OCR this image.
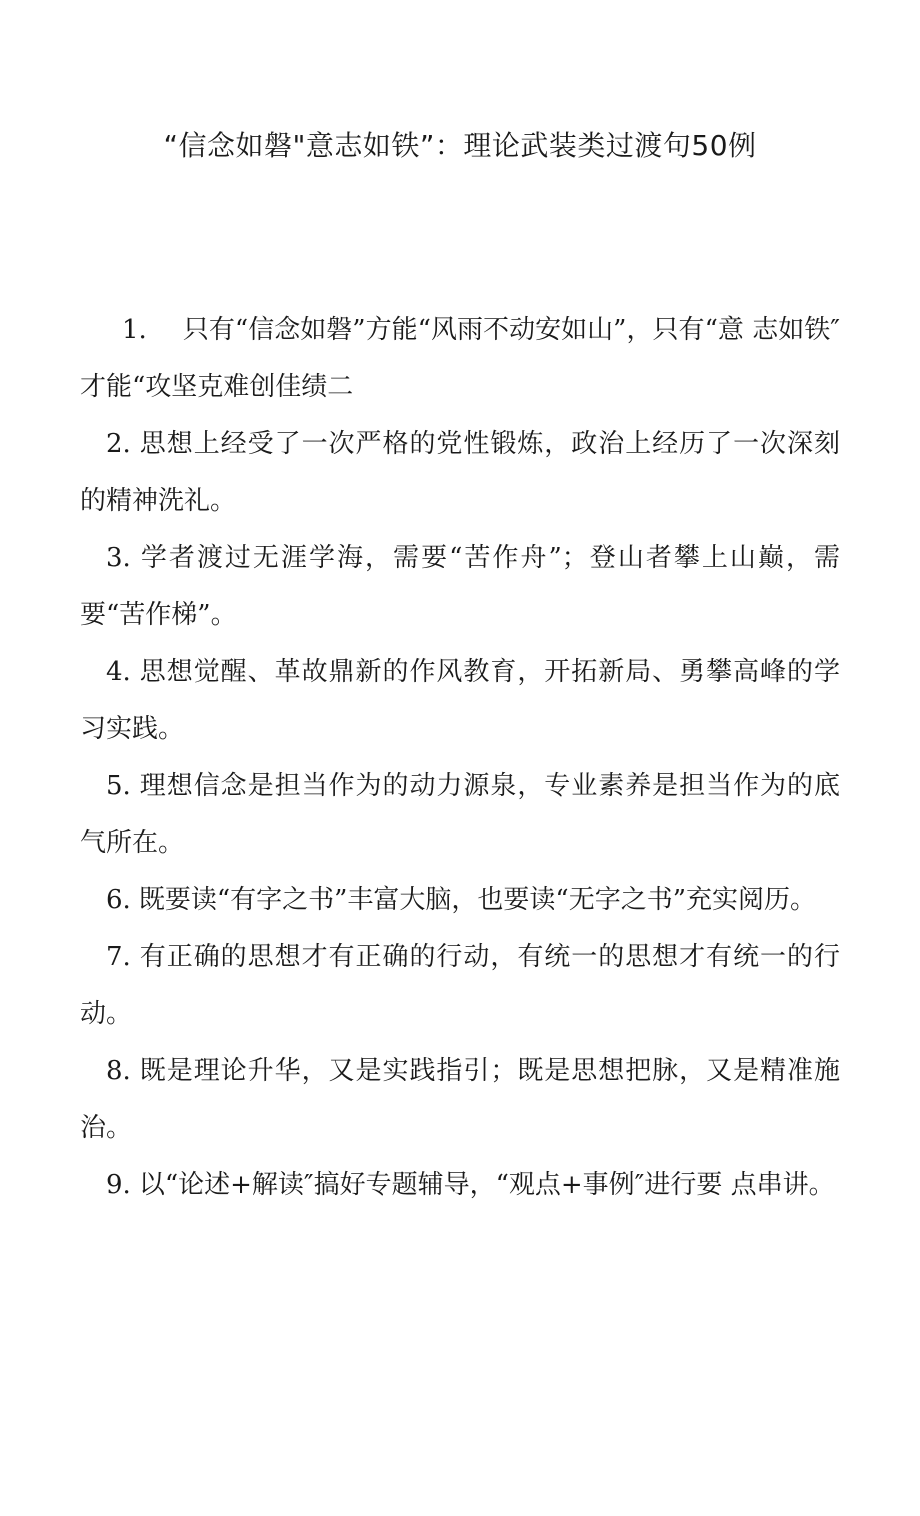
“信念如磐"意志如铁”：理论武装类过渡句50例

1. 只有“信念如磐”方能“风雨不动安如山”，只有“意 志如铁″才能“攻坚克难创佳绩二

2. 思想上经受了一次严格的党性锻炼，政治上经历了一次深刻的精神洗礼。

3. 学者渡过无涯学海，需要“苦作舟”；登山者攀上山巅，需要“苦作梯”。

4. 思想觉醒、革故鼎新的作风教育，开拓新局、勇攀高峰的学习实践。

5. 理想信念是担当作为的动力源泉，专业素养是担当作为的底气所在。

6. 既要读“有字之书”丰富大脑，也要读“无字之书”充实阅历。

7. 有正确的思想才有正确的行动，有统一的思想才有统一的行动。

8. 既是理论升华，又是实践指引；既是思想把脉，又是精准施治。

9. 以“论述+解读″搞好专题辅导，“观点+事例″进行要 点串讲。
